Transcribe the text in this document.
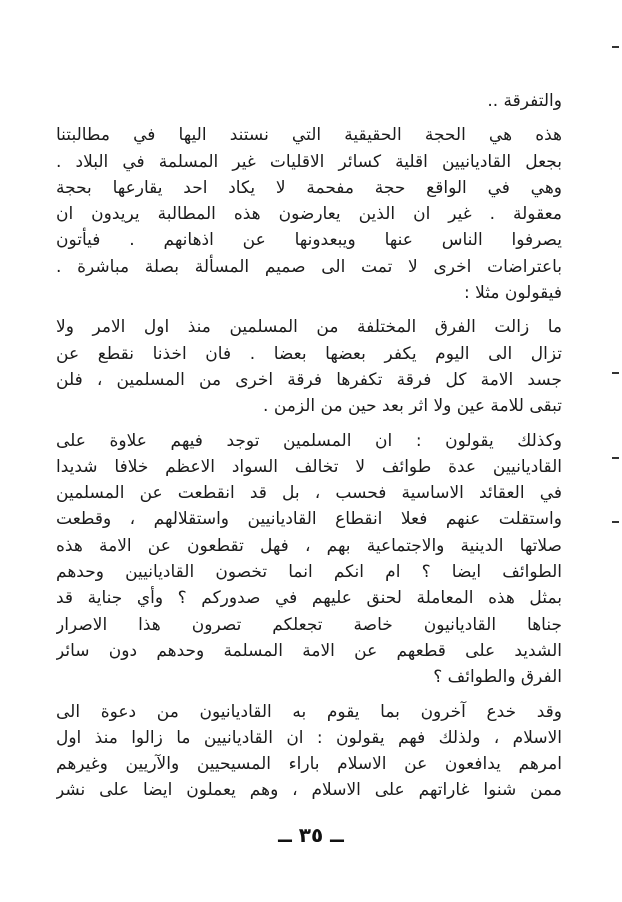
والتفرقة ..
هذه هي الحجة الحقيقية التي نستند اليها في مطالبتنا
بجعل القاديانيين اقلية كسائر الاقليات غير المسلمة في البلاد .
وهي في الواقع حجة مفحمة لا يكاد احد يقارعها بحجة
معقولة . غير ان الذين يعارضون هذه المطالبة يريدون ان
يصرفوا الناس عنها ويبعدونها عن اذهانهم . فيأتون
باعتراضات اخرى لا تمت الى صميم المسألة بصلة مباشرة .
فيقولون مثلا :
ما زالت الفرق المختلفة من المسلمين منذ اول الامر ولا
تزال الى اليوم يكفر بعضها بعضا . فان اخذنا نقطع عن
جسد الامة كل فرقة تكفرها فرقة اخرى من المسلمين ، فلن
تبقى للامة عين ولا اثر بعد حين من الزمن .
وكذلك يقولون : ان المسلمين توجد فيهم علاوة على
القاديانيين عدة طوائف لا تخالف السواد الاعظم خلافا شديدا
في العقائد الاساسية فحسب ، بل قد انقطعت عن المسلمين
واستقلت عنهم فعلا انقطاع القاديانيين واستقلالهم ، وقطعت
صلاتها الدينية والاجتماعية بهم ، فهل تقطعون عن الامة هذه
الطوائف ايضا ؟ ام انكم انما تخصون القاديانيين وحدهم
بمثل هذه المعاملة لحنق عليهم في صدوركم ؟ وأي جناية قد
جناها القاديانيون خاصة تجعلكم تصرون هذا الاصرار
الشديد على قطعهم عن الامة المسلمة وحدهم دون سائر
الفرق والطوائف ؟
وقد خدع آخرون بما يقوم به القاديانيون من دعوة الى
الاسلام ، ولذلك فهم يقولون : ان القاديانيين ما زالوا منذ اول
امرهم يدافعون عن الاسلام باراء المسيحيين والآريين وغيرهم
ممن شنوا غاراتهم على الاسلام ، وهم يعملون ايضا على نشر
ــ ٣٥ ــ
